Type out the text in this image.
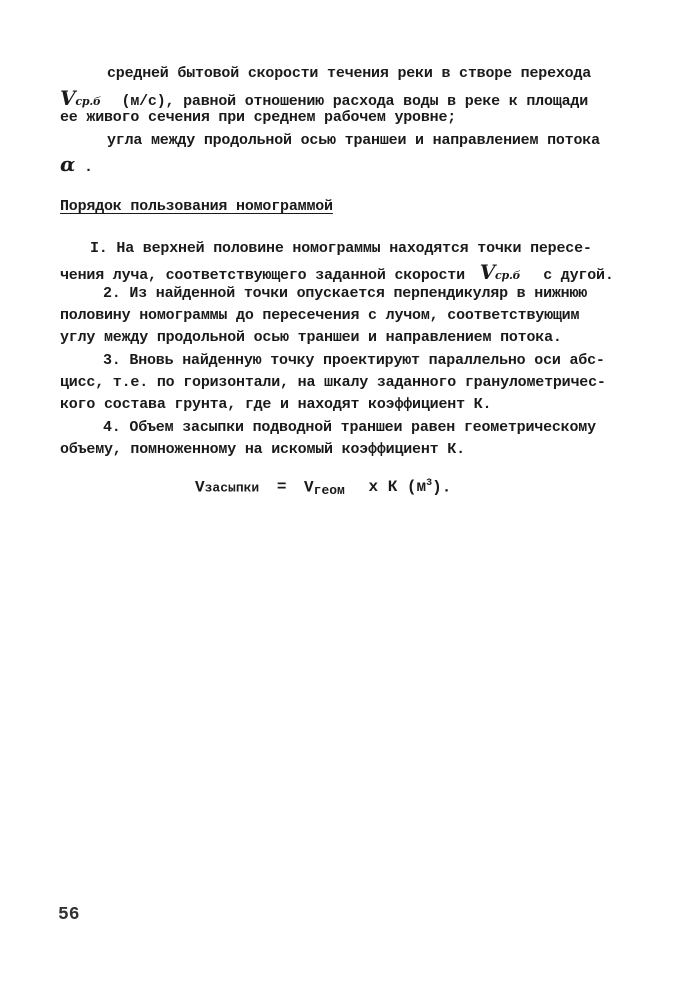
средней бытовой скорости течения реки в створе перехода
Vср.б (м/с), равной отношению расхода воды в реке к площади
ее живого сечения при среднем рабочем уровне;
угла между продольной осью траншеи и направлением потока
α .
Порядок пользования номограммой
I. На верхней половине номограммы находятся точки пересе-
чения луча, соответствующего заданной скорости Vср.б с дугой.
2. Из найденной точки опускается перпендикуляр в нижнюю
половину номограммы до пересечения с лучом, соответствующим
углу между продольной осью траншеи и направлением потока.
3. Вновь найденную точку проектируют параллельно оси абс-
цисс, т.е. по горизонтали, на шкалу заданного гранулометричес-
кого состава грунта, где и находят коэффициент К.
4. Объем засыпки подводной траншеи равен геометрическому
объему, помноженному на искомый коэффициент К.
Vзасыпки = Vгеом x К $(м^3)$.
56
